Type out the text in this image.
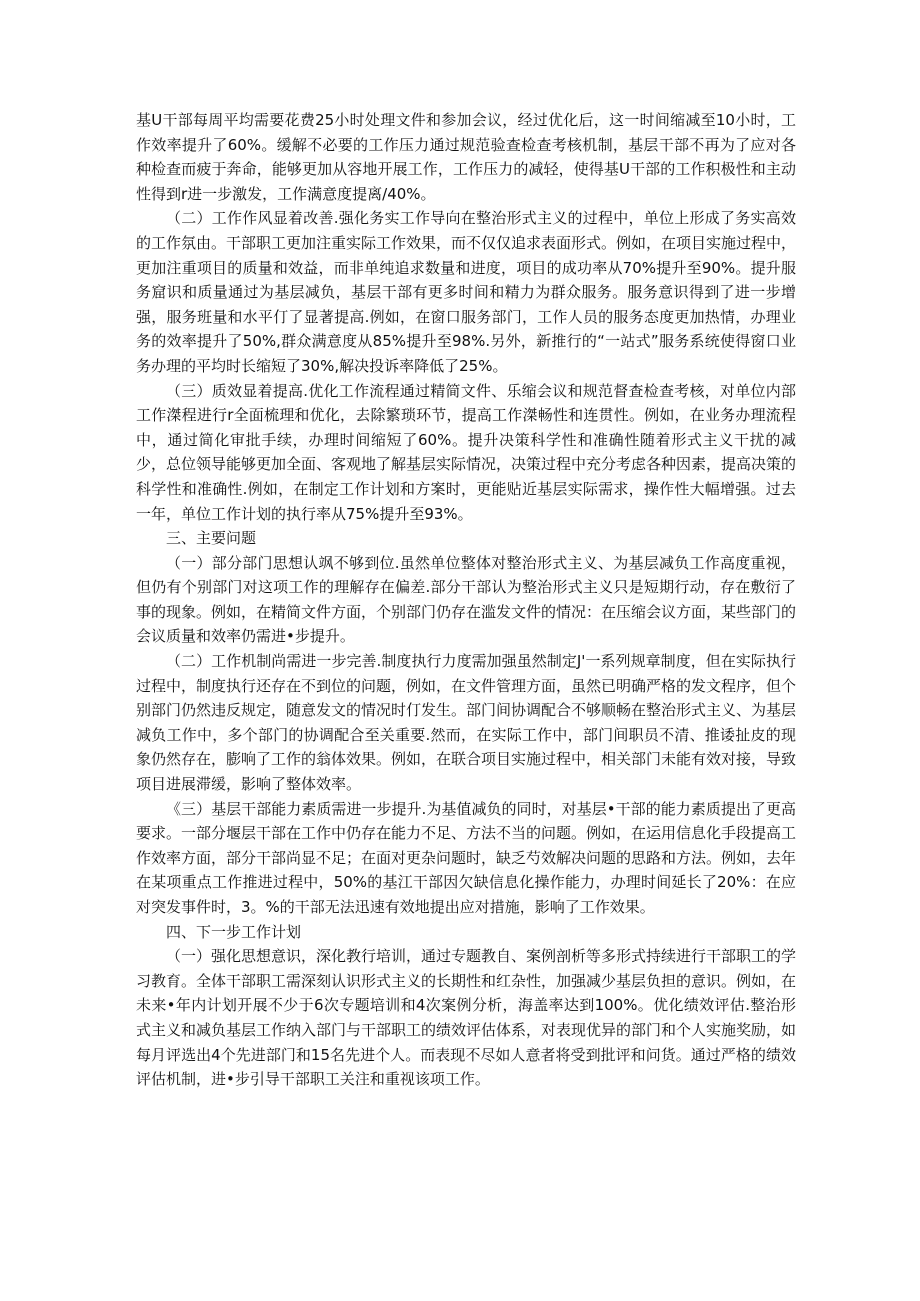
基U干部每周平均需要花费25小时处理文件和参加会议，经过优化后，这一时间缩减至10小时，工作效率提升了60%。缓解不必要的工作压力通过规范验查检查考核机制，基层干部不再为了应对各种检查而疲于奔命，能够更加从容地开展工作，工作压力的减轻，使得基U干部的工作积极性和主动性得到r进一步激发，工作满意度提离/40%。

（二）工作作风显着改善.强化务实工作导向在整治形式主义的过程中，单位上形成了务实高效的工作氛由。干部职工更加注重实际工作效果，而不仅仅追求表面形式。例如，在项目实施过程中，更加注重项目的质量和效益，而非单纯追求数量和进度，项目的成功率从70%提升至90%。提升服务窟识和质量通过为基层减负，基层干部有更多时间和精力为群众服务。服务意识得到了进一步增强，服务班量和水平仃了显著提高.例如，在窗口服务部门，工作人员的服务态度更加热情，办理业务的效率提升了50%,群众满意度从85%提升至98%.另外，新推行的“一站式”服务系统使得窗口业务办理的平均时长缩短了30%,解决投诉率降低了25%。

（三）质效显着提高.优化工作流程通过精简文件、乐缩会议和规范督查检查考核，对单位内部工作滐程进行r全面梳理和优化，去除繁琐环节，提高工作滐畅性和连贯性。例如，在业务办理流程中，通过简化审批手续，办理时间缩短了60%。提升决策科学性和准确性随着形式主义干扰的减少，总位领导能够更加全面、客观地了解基层实际情况，决策过程中充分考虑各种因素，提高决策的科学性和准确性.例如，在制定工作计划和方案时，更能贴近基层实际需求，操作性大幅增强。过去一年，单位工作计划的执行率从75%提升至93%。

三、主要问题

（一）部分部门思想认飒不够到位.虽然单位整体对整治形式主义、为基层减负工作高度重视，但仍有个别部门对这项工作的理解存在偏差.部分干部认为整治形式主义只是短期行动，存在敷衍了事的现象。例如，在精简文件方面，个别部门仍存在滥发文件的情况：在压缩会议方面，某些部门的会议质量和效率仍需进•步提升。

（二）工作机制尚需进一步完善.制度执行力度需加强虽然制定J'一系列规章制度，但在实际执行过程中，制度执行还存在不到位的问题，例如，在文件管理方面，虽然已明确严格的发文程序，但个别部门仍然违反规定，随意发文的情况时仃发生。部门间协调配合不够顺畅在整治形式主义、为基层减负工作中，多个部门的协调配合至关重要.然而，在实际工作中，部门间职员不清、推诿扯皮的现象仍然存在，膨响了工作的翁体效果。例如，在联合项目实施过程中，相关部门未能有效对接，导致项目进展滞缓，影响了整体效率。

《三）基层干部能力素质需进一步提升.为基值减负的同时，对基层•干部的能力素质提出了更高要求。一部分堰层干部在工作中仍存在能力不足、方法不当的问题。例如，在运用信息化手段提高工作效率方面，部分干部尚显不足；在面对更杂问题时，缺乏芍效解决问题的思路和方法。例如，去年在某项重点工作推进过程中，50%的基江干部因欠缺信息化操作能力，办理时间延长了20%：在应对突发事件时，3。%的干部无法迅速有效地提出应对措施，影响了工作效果。

四、下一步工作计划

（一）强化思想意识，深化教行培训，通过专题教自、案例剖析等多形式持续进行干部职工的学习教育。全体干部职工需深刻认识形式主义的长期性和红杂性，加强减少基层负担的意识。例如，在未来•年内计划开展不少于6次专题培训和4次案例分析，海盖率达到100%。优化绩效评估.整治形式主义和减负基层工作纳入部门与干部职工的绩效评估体系，对表现优异的部门和个人实施奖励，如每月评选出4个先进部门和15名先进个人。而表现不尽如人意者将受到批评和问货。通过严格的绩效评估机制，进•步引导干部职工关注和重视该项工作。
